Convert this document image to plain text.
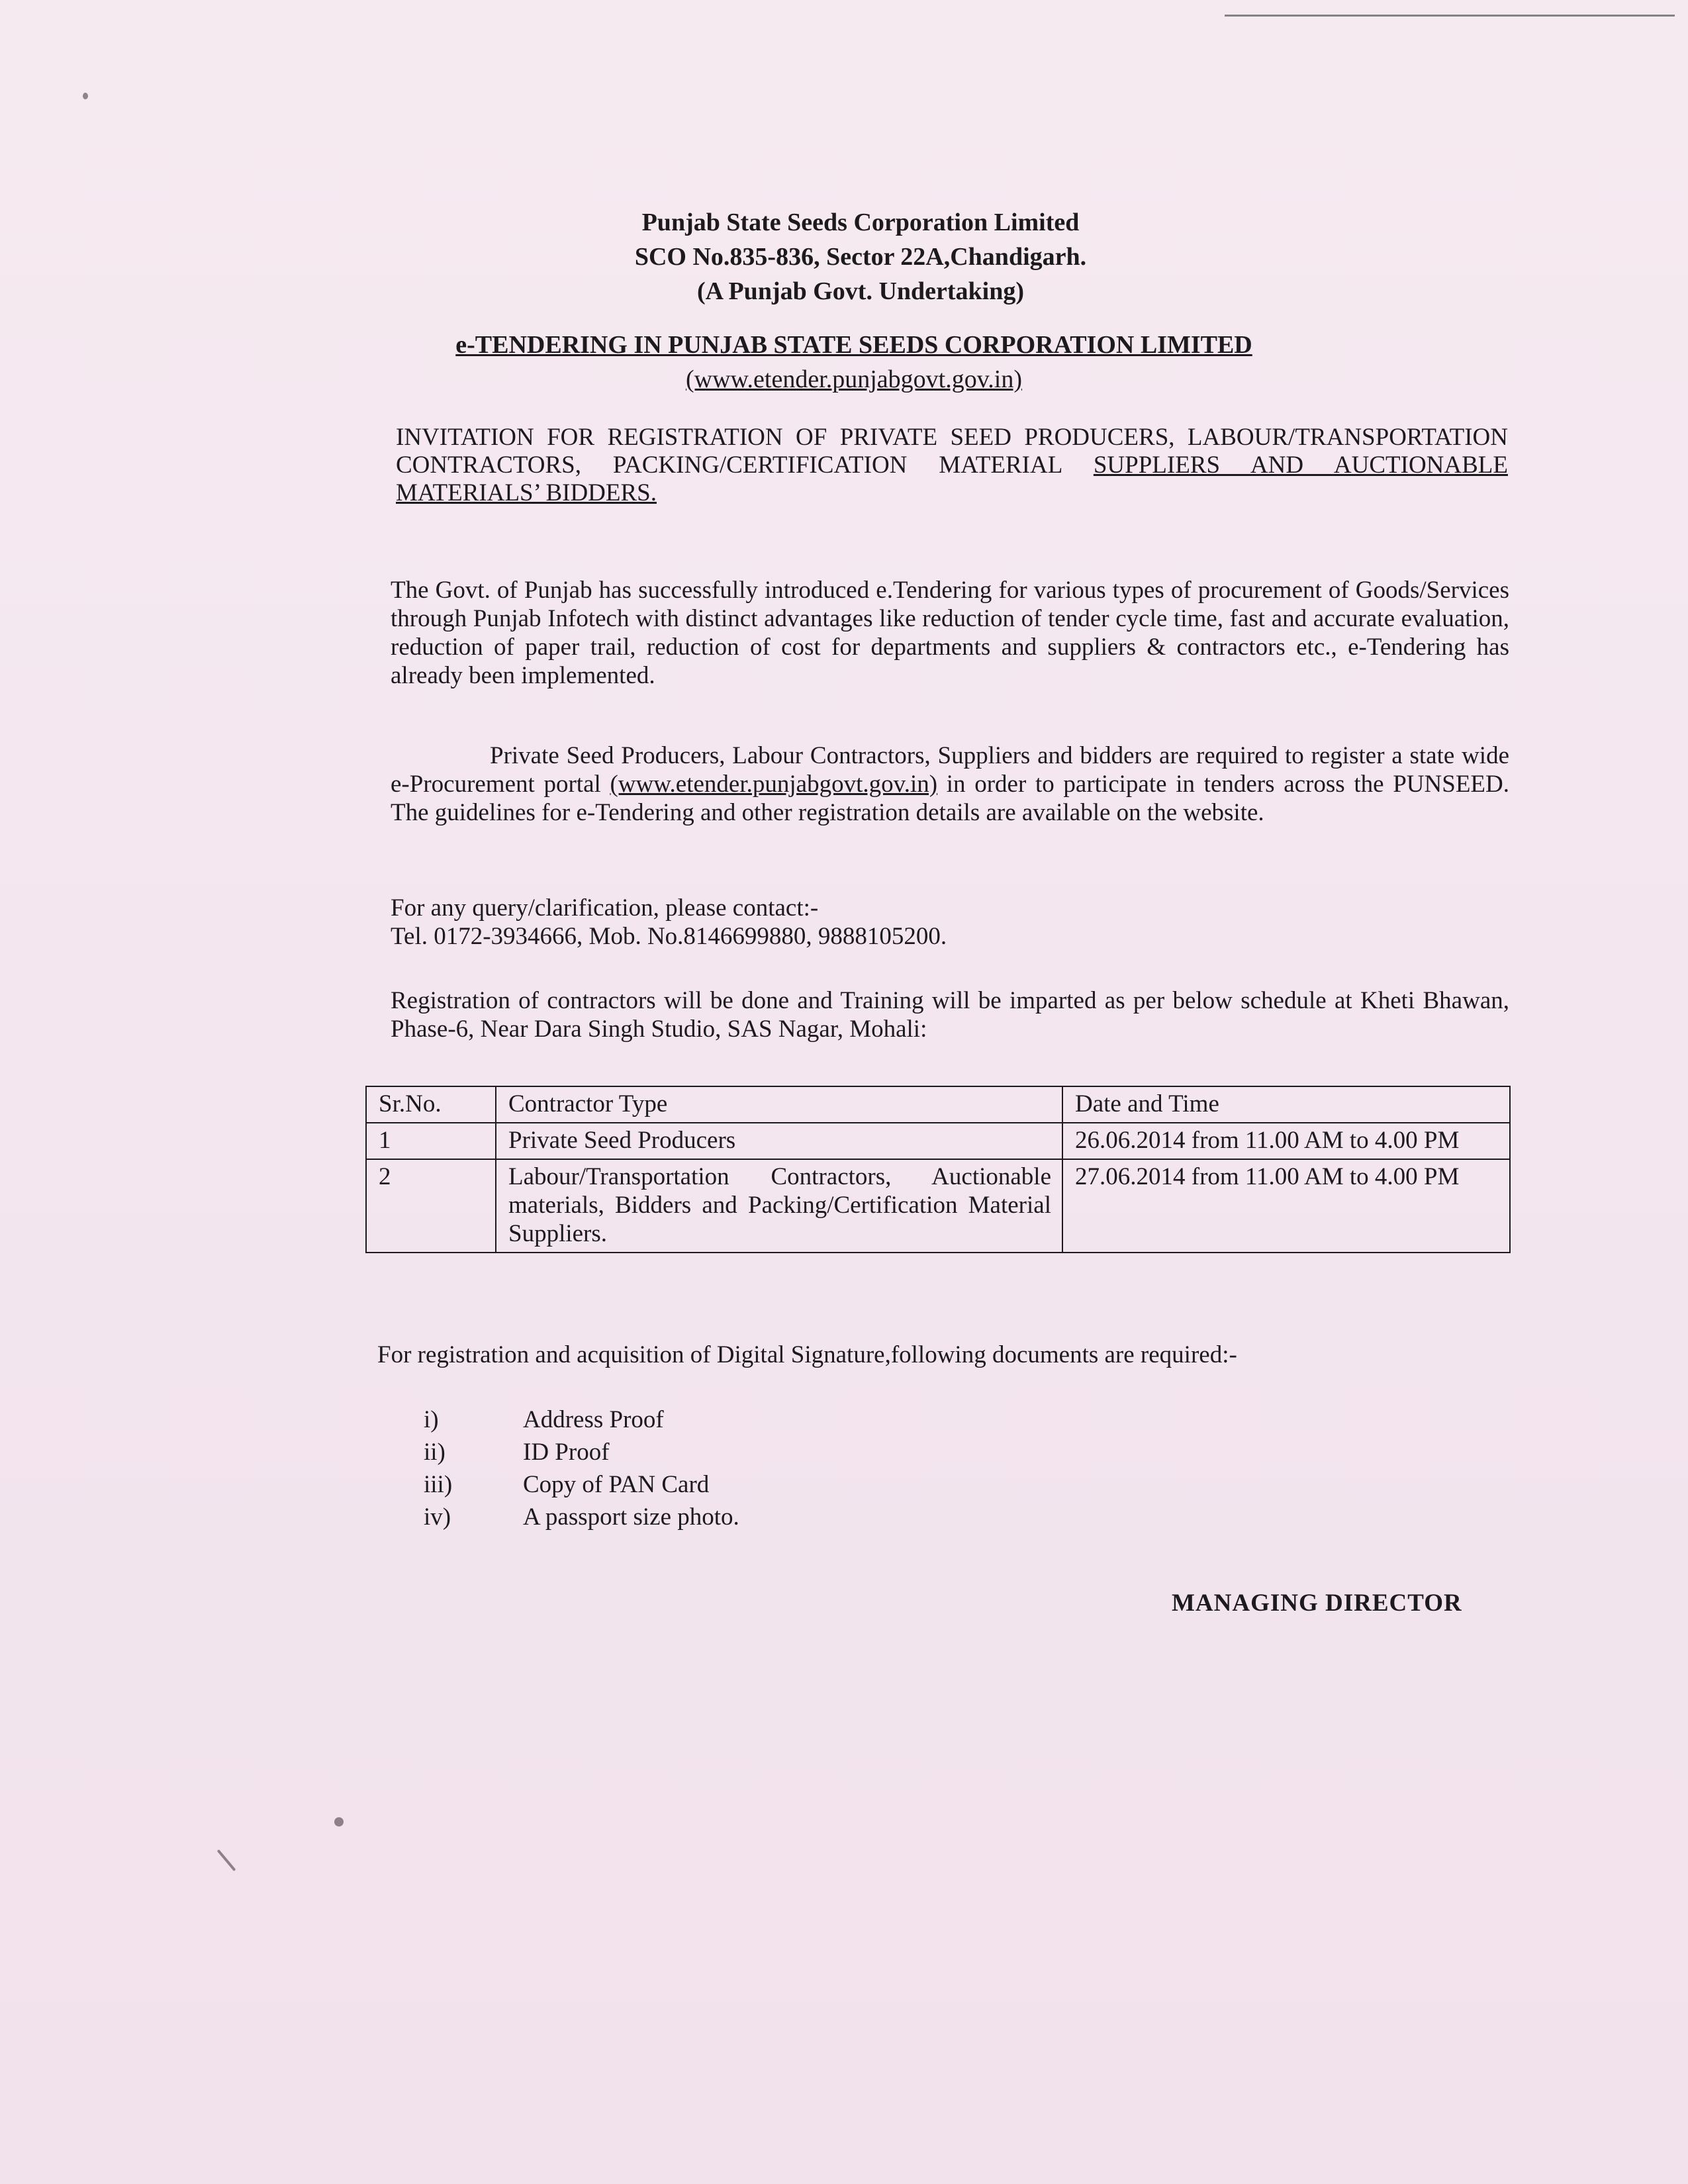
Punjab State Seeds Corporation Limited
SCO No.835-836, Sector 22A,Chandigarh.
(A Punjab Govt. Undertaking)
e-TENDERING IN PUNJAB STATE SEEDS CORPORATION LIMITED
(www.etender.punjabgovt.gov.in)
INVITATION FOR REGISTRATION OF PRIVATE SEED PRODUCERS, LABOUR/TRANSPORTATION CONTRACTORS, PACKING/CERTIFICATION MATERIAL SUPPLIERS AND AUCTIONABLE MATERIALS’ BIDDERS.
The Govt. of Punjab has successfully introduced e.Tendering for various types of procurement of Goods/Services through Punjab Infotech with distinct advantages like reduction of tender cycle time, fast and accurate evaluation, reduction of paper trail, reduction of cost for departments and suppliers & contractors etc., e-Tendering has already been implemented.
Private Seed Producers, Labour Contractors, Suppliers and bidders are required to register a state wide e-Procurement portal (www.etender.punjabgovt.gov.in) in order to participate in tenders across the PUNSEED. The guidelines for e-Tendering and other registration details are available on the website.
For any query/clarification, please contact:-
Tel. 0172-3934666, Mob. No.8146699880, 9888105200.
Registration of contractors will be done and Training will be imparted as per below schedule at Kheti Bhawan, Phase-6, Near Dara Singh Studio, SAS Nagar, Mohali:
Sr.No.	Contractor Type	Date and Time
1	Private Seed Producers	26.06.2014 from 11.00 AM to 4.00 PM
2	Labour/Transportation Contractors, Auctionable materials, Bidders and Packing/Certification Material Suppliers.	27.06.2014 from 11.00 AM to 4.00 PM
For registration and acquisition of Digital Signature,following documents are required:-
i)	Address Proof
ii)	ID Proof
iii)	Copy of PAN Card
iv)	A passport size photo.
MANAGING DIRECTOR
